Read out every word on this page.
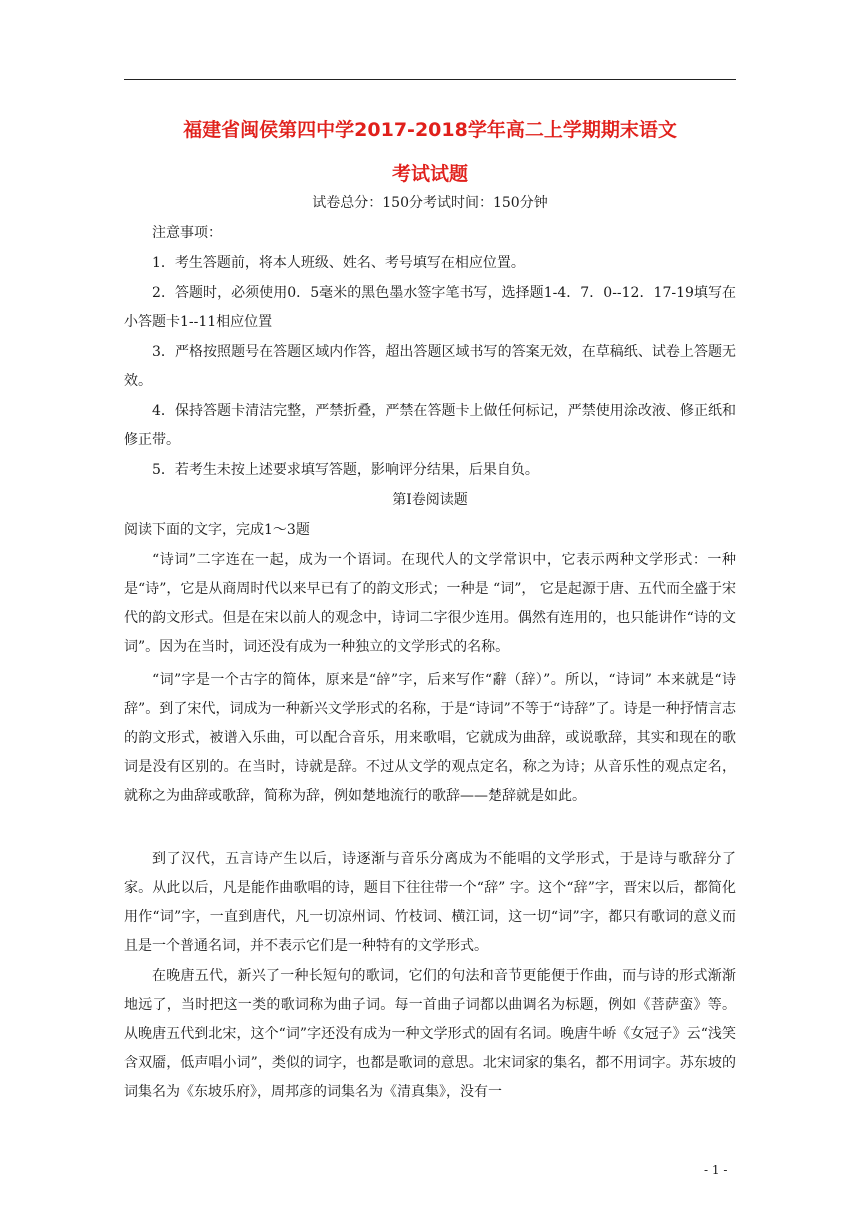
福建省闽侯第四中学2017-2018学年高二上学期期末语文
考试试题
试卷总分：150分考试时间：150分钟
注意事项：
1．考生答题前，将本人班级、姓名、考号填写在相应位置。
2．答题时，必须使用0．5毫米的黑色墨水签字笔书写，选择题1-4．7．0--12．17-19填写在小答题卡1--11相应位置
3．严格按照题号在答题区域内作答，超出答题区域书写的答案无效，在草稿纸、试卷上答题无效。
4．保持答题卡清洁完整，严禁折叠，严禁在答题卡上做任何标记，严禁使用涂改液、修正纸和修正带。
5．若考生未按上述要求填写答题，影响评分结果，后果自负。
第Ⅰ卷阅读题
阅读下面的文字，完成1～3题
“诗词”二字连在一起，成为一个语词。在现代人的文学常识中，它表示两种文学形式：一种是“诗”，它是从商周时代以来早已有了的韵文形式；一种是 “词”， 它是起源于唐、五代而全盛于宋代的韵文形式。但是在宋以前人的观念中，诗词二字很少连用。偶然有连用的，也只能讲作“诗的文词”。因为在当时，词还没有成为一种独立的文学形式的名称。
“词”字是一个古字的简体，原来是“辝”字，后来写作“辭（辞）”。所以，“诗词” 本来就是“诗辞”。到了宋代，词成为一种新兴文学形式的名称，于是“诗词”不等于“诗辞”了。诗是一种抒情言志的韵文形式，被谱入乐曲，可以配合音乐，用来歌唱，它就成为曲辞，或说歌辞，其实和现在的歌词是没有区别的。在当时，诗就是辞。不过从文学的观点定名，称之为诗；从音乐性的观点定名，就称之为曲辞或歌辞，简称为辞，例如楚地流行的歌辞——楚辞就是如此。
到了汉代，五言诗产生以后，诗逐渐与音乐分离成为不能唱的文学形式，于是诗与歌辞分了家。从此以后，凡是能作曲歌唱的诗，题目下往往带一个“辞” 字。这个“辞”字，晋宋以后，都简化用作“词”字，一直到唐代，凡一切凉州词、竹枝词、横江词，这一切“词”字，都只有歌词的意义而且是一个普通名词，并不表示它们是一种特有的文学形式。
在晚唐五代，新兴了一种长短句的歌词，它们的句法和音节更能便于作曲，而与诗的形式渐渐地远了，当时把这一类的歌词称为曲子词。每一首曲子词都以曲调名为标题，例如《菩萨蛮》等。从晚唐五代到北宋，这个“词”字还没有成为一种文学形式的固有名词。晚唐牛峤《女冠子》云“浅笑含双靥，低声唱小词”，类似的词字，也都是歌词的意思。北宋词家的集名，都不用词字。苏东坡的词集名为《东坡乐府》，周邦彦的词集名为《清真集》，没有一
- 1 -
